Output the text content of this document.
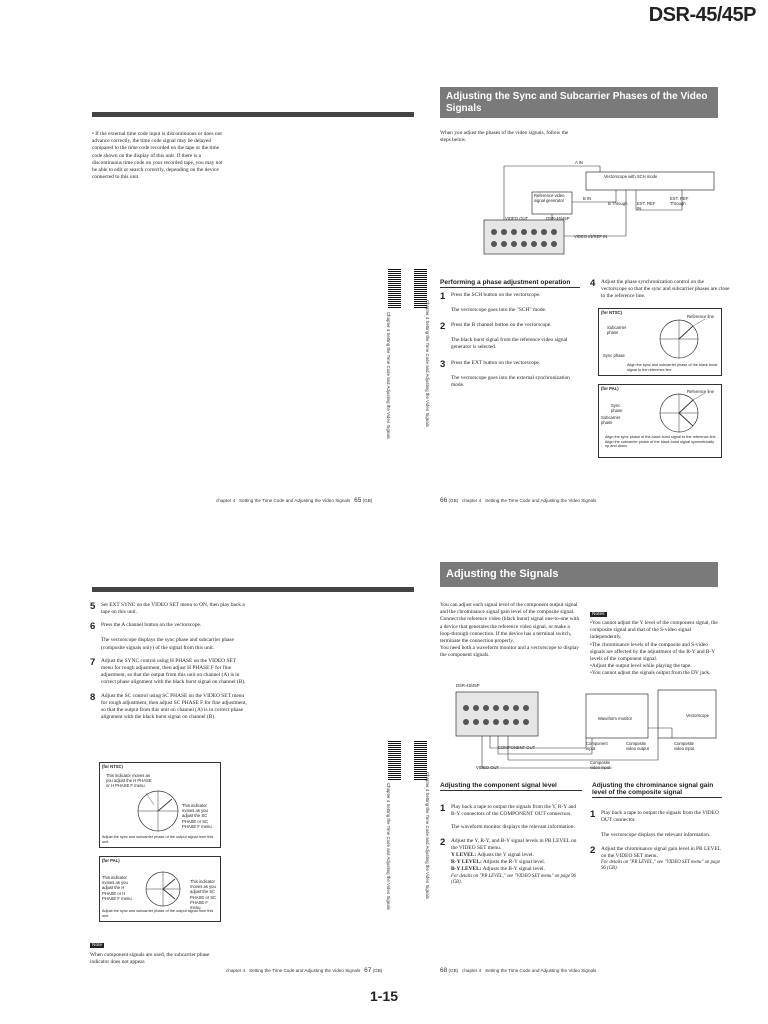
DSR-45/45P
• If the external time code input is discontinuous or does not advance correctly, the time code signal may be delayed compared to the time code recorded on the tape or the time code shown on the display of this unit. If there is a discontinuous time code on your recorded tape, you may not be able to edit or search correctly, depending on the device connected to this unit.
Chapter 4 Setting the Time Code and Adjusting the Video Signals
chapter 4 Setting the Time Code and Adjusting the Video Signals 65 (GB)
Adjusting the Sync and Subcarrier Phases of the Video Signals
When you adjust the phases of the video signals, follow the steps below.
A IN
Vectorscope with SCH mode
Reference video signal generator	B IN
B Through EXT. REF IN
EXT. REF Through
VIDEO OUT	DSR-45/45P
VIDEO IN/REF IN
Performing a phase adjustment operation
1	Press the SCH button on the vectorscope.
The vectorscope goes into the "SCH" mode.
2	Press the B channel button on the vectorscope.
The black burst signal from the reference video signal generator is selected.
3	Press the EXT button on the vectorscope.
The vectorscope goes into the external synchronization mode.
4	Adjust the phase synchronization control on the vectorscope so that the sync and subcarrier phases are close to the reference line.
(for NTSC)
Reference line
Subcarrier phase
Sync phase
Align the sync and subcarrier phase of the black burst signal to the reference line.
(for PAL)
Reference line
Sync phase
Subcarrier phase
Align the sync phase of the black burst signal to the reference line. Align the subcarrier phase of the black burst signal symmetrically up and down.
Chapter 4 Setting the Time Code and Adjusting the Video Signals
66 (GB) chapter 4 Setting the Time Code and Adjusting the Video Signals
5	Set EXT SYNC on the VIDEO SET menu to ON, then play back a tape on this unit.
6	Press the A channel button on the vectorscope.
The vectorscope displays the sync phase and subcarrier phase (composite signals only) of the signal from this unit.
7	Adjust the SYNC control using H PHASE on the VIDEO SET menu for rough adjustment, then adjust H PHASE F for fine adjustment, so that the output from this unit on channel (A) is in correct phase alignment with the black burst signal on channel (B).
8	Adjust the SC control using SC PHASE on the VIDEO SET menu for rough adjustment, then adjust SC PHASE F for fine adjustment, so that the output from this unit on channel (A) is in correct phase alignment with the black burst signal on channel (B).
(for NTSC)
This indicator moves as you adjust the H PHASE or H PHASE F menu.
This indicator moves as you adjust the SC PHASE or SC PHASE F menu.
Adjust the sync and subcarrier phase of the output signal from this unit.
(for PAL)
This indicator moves as you adjust the H PHASE or H PHASE F menu.
This indicator moves as you adjust the SC PHASE or SC PHASE F menu.
Adjust the sync and subcarrier phase of the output signal from this unit.
Note
When component signals are used, the subcarrier phase indicator does not appear.
Chapter 4 Setting the Time Code and Adjusting the Video Signals
chapter 4 Setting the Time Code and Adjusting the Video Signals 67 (GB)
Adjusting the Signals
You can adjust each signal level of the component output signal and the chrominance signal gain level of the composite signal.
Connect the reference video (black burst) signal one-to-one with a device that generates the reference video signal, or make a loop-through connection. If the device has a terminal switch, terminate the connection properly.
You need both a waveform monitor and a vectorscope to display the component signals.
Notes
•You cannot adjust the Y level of the component signal, the composite signal and that of the S-video signal independently.
•The chrominance levels of the composite and S-video signals are affected by the adjustment of the R-Y and B-Y levels of the component signal.
•Adjust the output level while playing the tape.
•You cannot adjust the signals output from the DV jack.
DSR-45/45P
Waveform monitor
Vectorscope
Component input
Composite video output
Composite video input
COMPONENT OUT
VIDEO OUT
Composite video input
Adjusting the component signal level
1	Play back a tape to output the signals from the Y, R-Y and B-Y connectors of the COMPONENT OUT connectors.
The waveform monitor displays the relevant information.
2	Adjust the Y, R-Y, and B-Y signal levels in PB LEVEL on the VIDEO SET menu.
Y LEVEL: Adjusts the Y signal level.
R-Y LEVEL: Adjusts the R-Y signal level.
B-Y LEVEL: Adjusts the B-Y signal level.
For details on "PB LEVEL," see "VIDEO SET menu" on page 96 (GB).
Adjusting the chrominance signal gain level of the composite signal
1	Play back a tape to output the signals from the VIDEO OUT connector.
The vectorscope displays the relevant information.
2	Adjust the chrominance signal gain level in PB LEVEL on the VIDEO SET menu.
For details on "PB LEVEL," see "VIDEO SET menu" on page 96 (GB).
Chapter 4 Setting the Time Code and Adjusting the Video Signals
68 (GB) chapter 4 Setting the Time Code and Adjusting the Video Signals
1-15
